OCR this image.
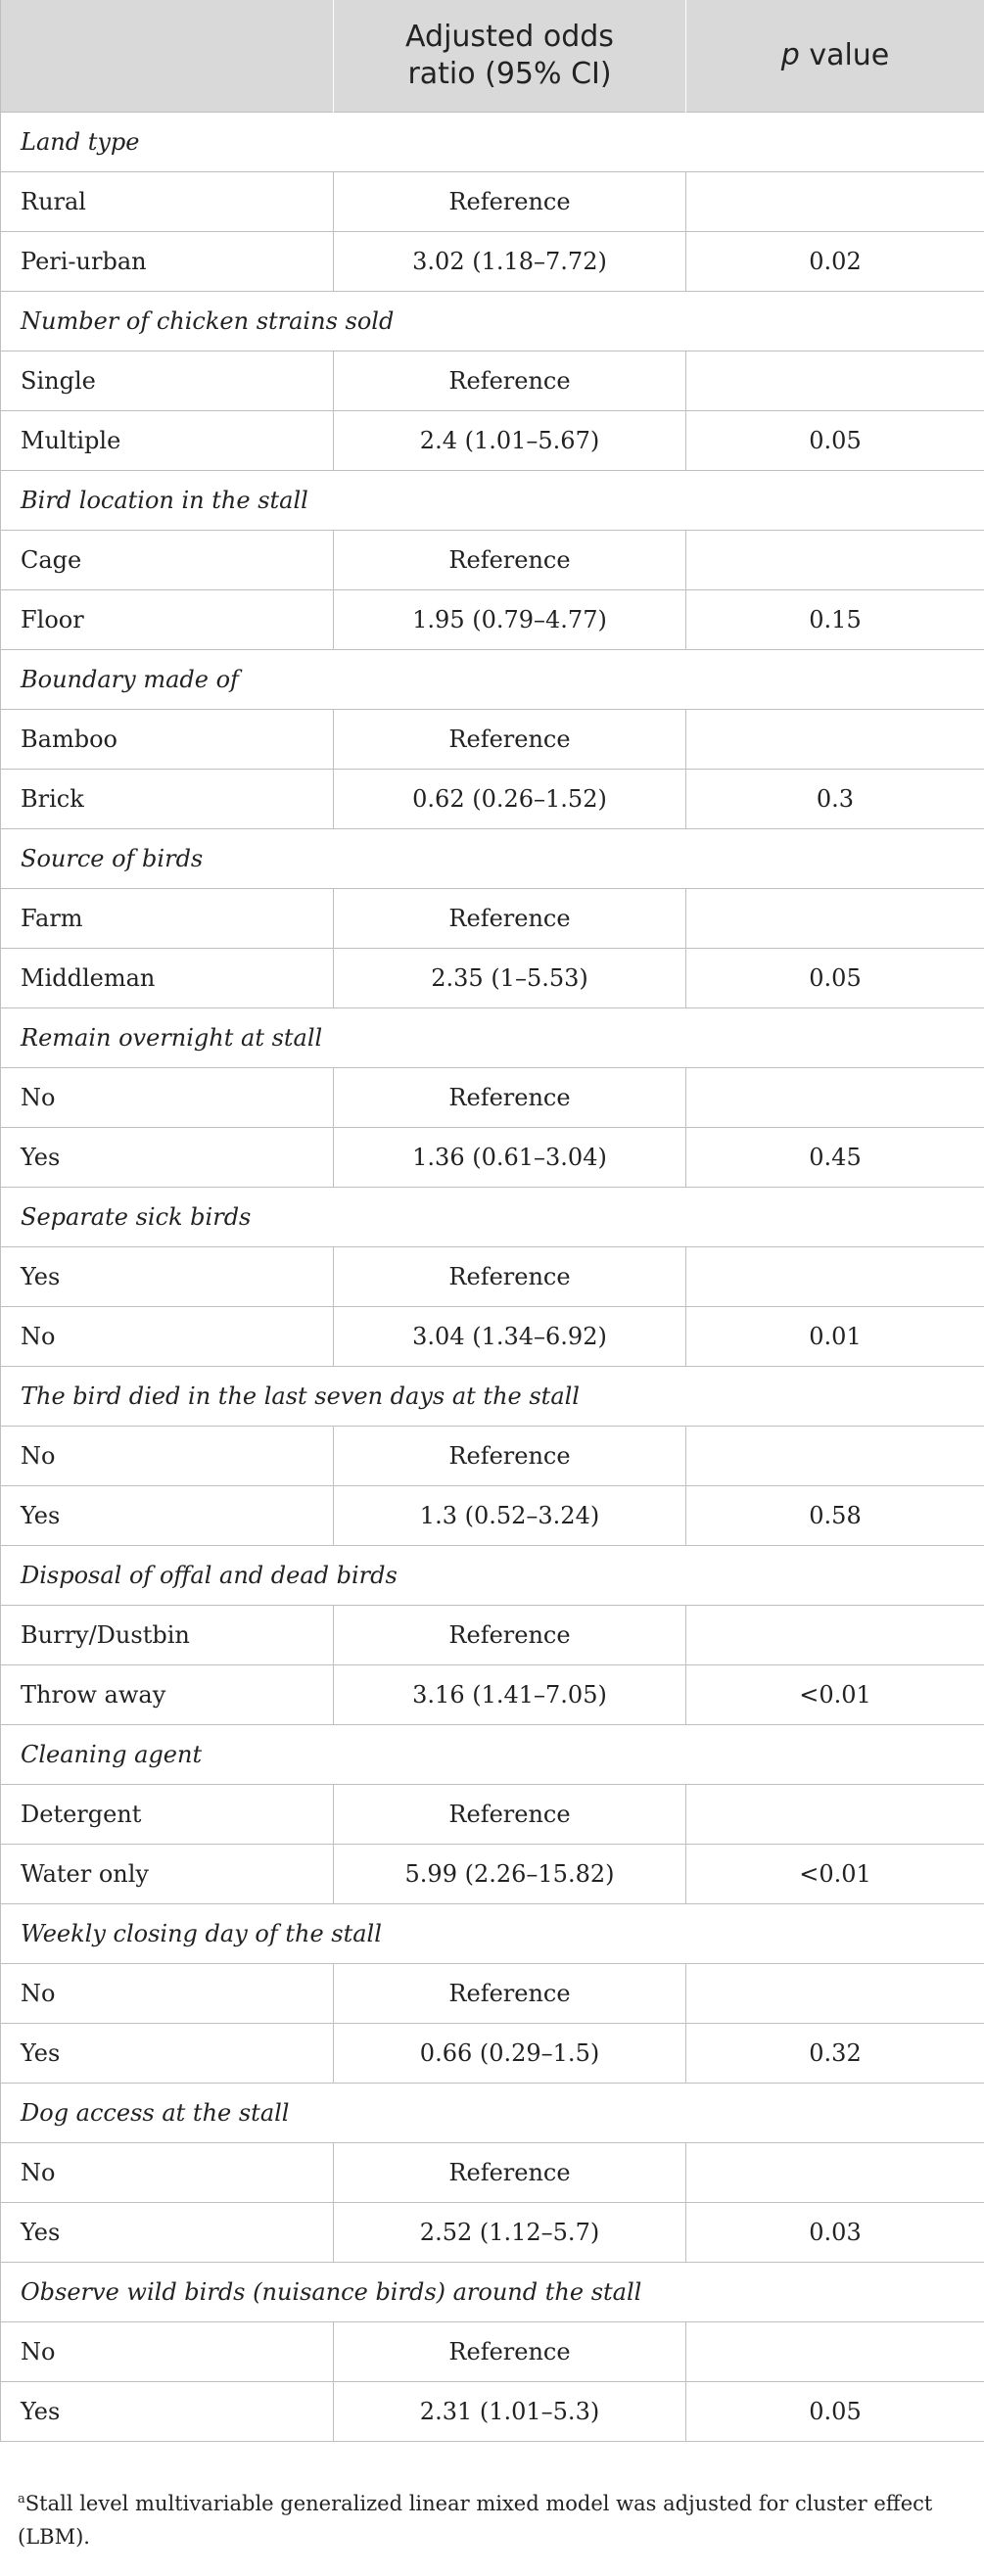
	Adjusted odds
ratio (95% CI)	p value
Land type		
Rural	Reference	
Peri-urban	3.02 (1.18–7.72)	0.02
Number of chicken strains sold		
Single	Reference	
Multiple	2.4 (1.01–5.67)	0.05
Bird location in the stall		
Cage	Reference	
Floor	1.95 (0.79–4.77)	0.15
Boundary made of		
Bamboo	Reference	
Brick	0.62 (0.26–1.52)	0.3
Source of birds		
Farm	Reference	
Middleman	2.35 (1–5.53)	0.05
Remain overnight at stall		
No	Reference	
Yes	1.36 (0.61–3.04)	0.45
Separate sick birds		
Yes	Reference	
No	3.04 (1.34–6.92)	0.01
The bird died in the last seven days at the stall		
No	Reference	
Yes	1.3 (0.52–3.24)	0.58
Disposal of offal and dead birds		
Burry/Dustbin	Reference	
Throw away	3.16 (1.41–7.05)	<0.01
Cleaning agent		
Detergent	Reference	
Water only	5.99 (2.26–15.82)	<0.01
Weekly closing day of the stall		
No	Reference	
Yes	0.66 (0.29–1.5)	0.32
Dog access at the stall		
No	Reference	
Yes	2.52 (1.12–5.7)	0.03
Observe wild birds (nuisance birds) around the stall		
No	Reference	
Yes	2.31 (1.01–5.3)	0.05
$^a$Stall level multivariable generalized linear mixed model was adjusted for cluster effect (LBM).
